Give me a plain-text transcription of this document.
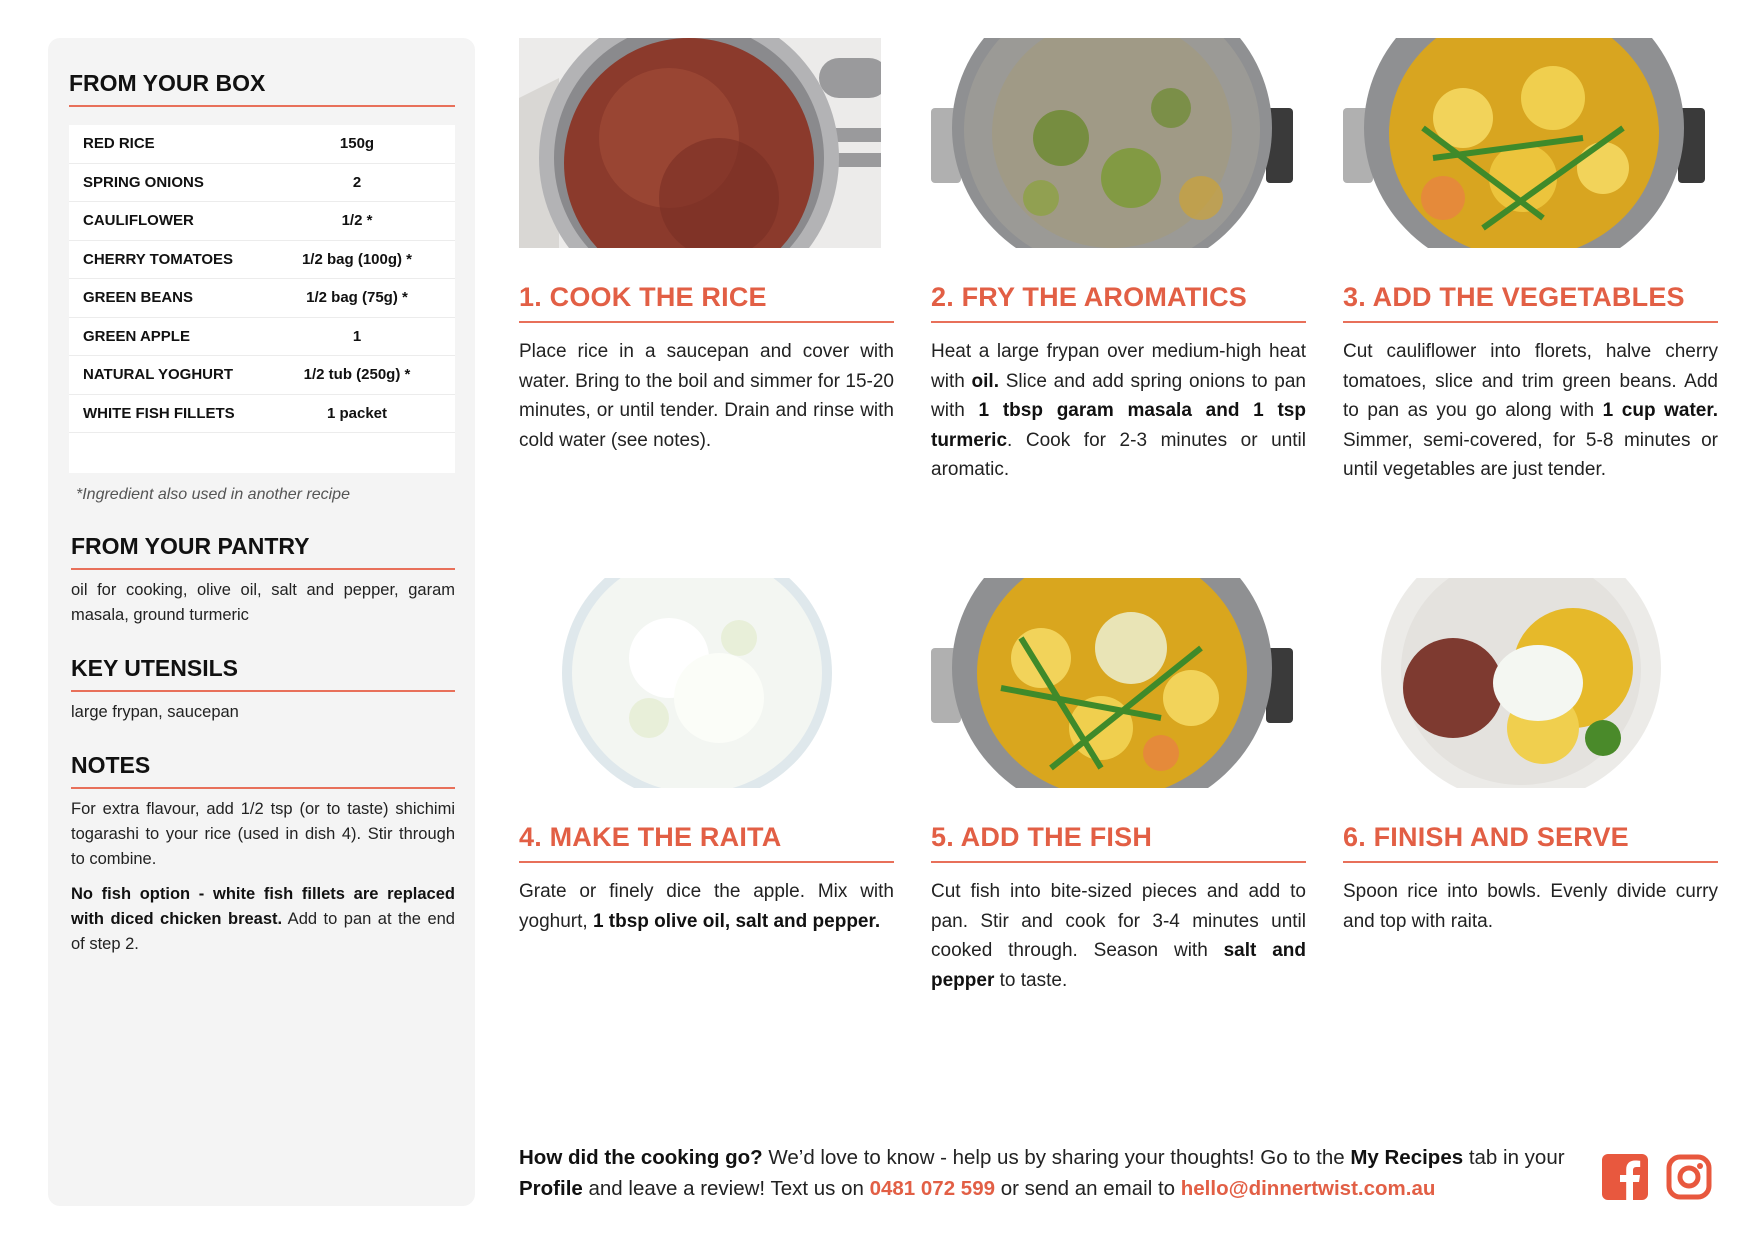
FROM YOUR BOX
RED RICE	150g
SPRING ONIONS	2
CAULIFLOWER	1/2 *
CHERRY TOMATOES	1/2 bag (100g) *
GREEN BEANS	1/2 bag (75g) *
GREEN APPLE	1
NATURAL YOGHURT	1/2 tub (250g) *
WHITE FISH FILLETS	1 packet
*Ingredient also used in another recipe
FROM YOUR PANTRY
oil for cooking, olive oil, salt and pepper, garam masala, ground turmeric
KEY UTENSILS
large frypan, saucepan
NOTES

For extra flavour, add 1/2 tsp (or to taste) shichimi togarashi to your rice (used in dish 4). Stir through to combine.

No fish option - white fish fillets are replaced with diced chicken breast. Add to pan at the end of step 2.

1. COOK THE RICE
Place rice in a saucepan and cover with water. Bring to the boil and simmer for 15-20 minutes, or until tender. Drain and rinse with cold water (see notes).
2. FRY THE AROMATICS
Heat a large frypan over medium-high heat with oil. Slice and add spring onions to pan with 1 tbsp garam masala and 1 tsp turmeric. Cook for 2-3 minutes or until aromatic.
3. ADD THE VEGETABLES
Cut cauliflower into florets, halve cherry tomatoes, slice and trim green beans. Add to pan as you go along with 1 cup water. Simmer, semi-covered, for 5-8 minutes or until vegetables are just tender.
4. MAKE THE RAITA
Grate or finely dice the apple. Mix with yoghurt, 1 tbsp olive oil, salt and pepper.
5. ADD THE FISH
Cut fish into bite-sized pieces and add to pan. Stir and cook for 3-4 minutes until cooked through. Season with salt and pepper to taste.
6. FINISH AND SERVE
Spoon rice into bowls. Evenly divide curry and top with raita.
How did the cooking go? We’d love to know - help us by sharing your thoughts! Go to the My Recipes tab in your Profile and leave a review! Text us on 0481 072 599 or send an email to hello@dinnertwist.com.au
